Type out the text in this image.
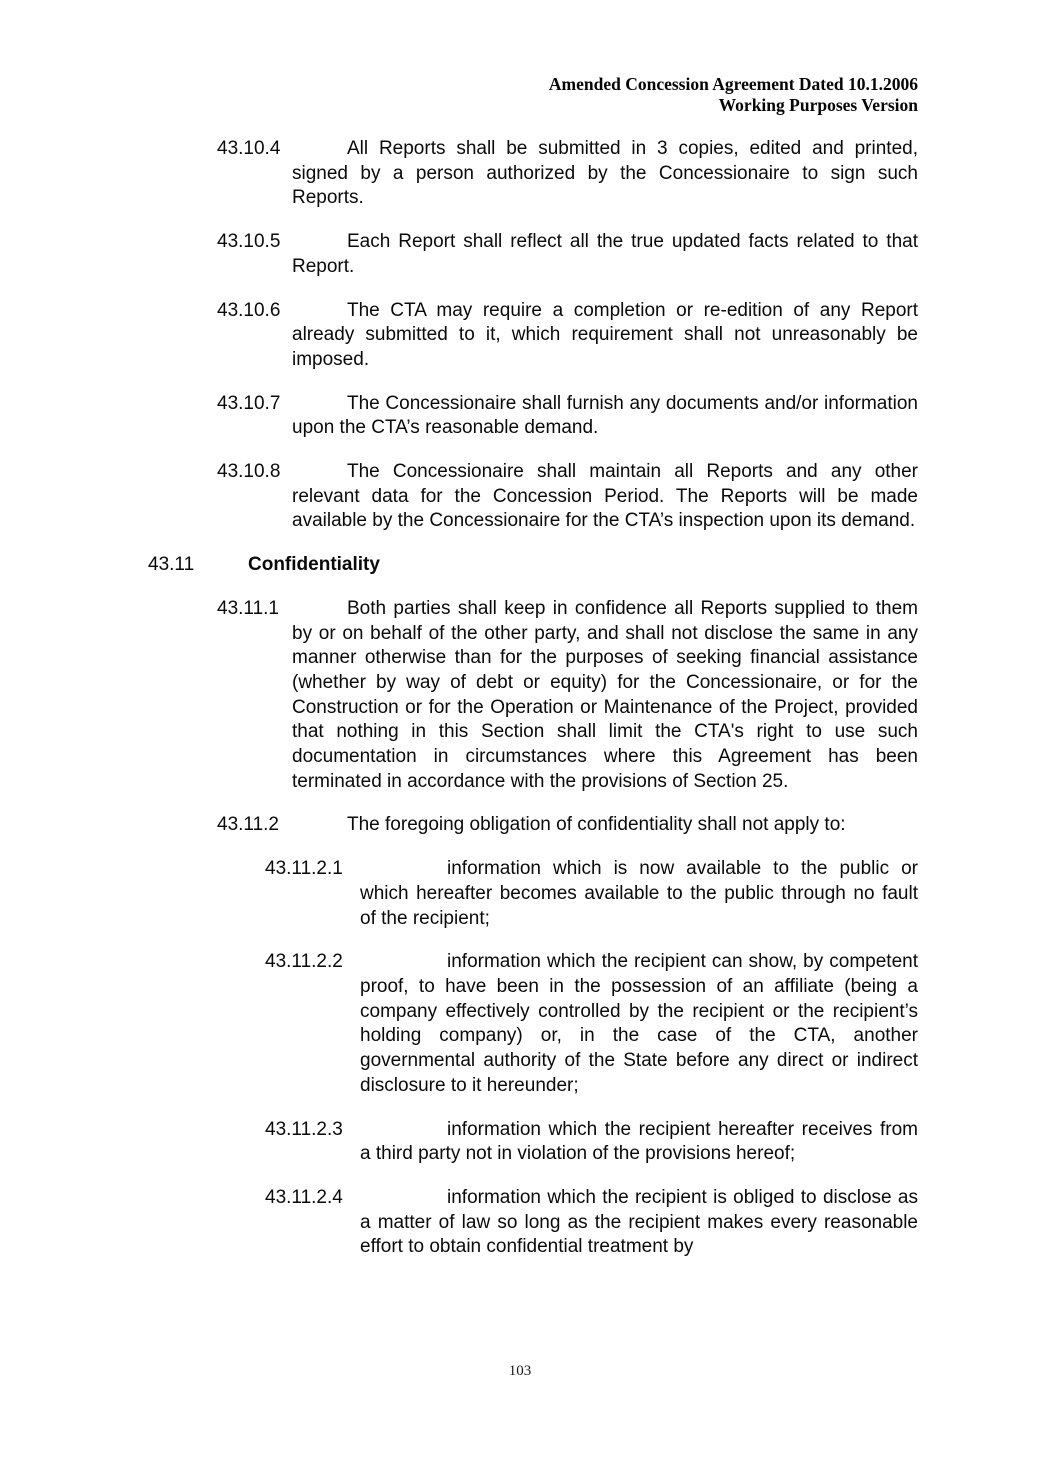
Amended Concession Agreement Dated 10.1.2006
Working Purposes Version
43.10.4	All Reports shall be submitted in 3 copies, edited and printed, signed by a person authorized by the Concessionaire to sign such Reports.
43.10.5	Each Report shall reflect all the true updated facts related to that Report.
43.10.6	The CTA may require a completion or re-edition of any Report already submitted to it, which requirement shall not unreasonably be imposed.
43.10.7	The Concessionaire shall furnish any documents and/or information upon the CTA’s reasonable demand.
43.10.8	The Concessionaire shall maintain all Reports and any other relevant data for the Concession Period. The Reports will be made available by the Concessionaire for the CTA’s inspection upon its demand.
43.11	Confidentiality
43.11.1	Both parties shall keep in confidence all Reports supplied to them by or on behalf of the other party, and shall not disclose the same in any manner otherwise than for the purposes of seeking financial assistance (whether by way of debt or equity) for the Concessionaire, or for the Construction or for the Operation or Maintenance of the Project, provided that nothing in this Section shall limit the CTA's right to use such documentation in circumstances where this Agreement has been terminated in accordance with the provisions of Section 25.
43.11.2	The foregoing obligation of confidentiality shall not apply to:
43.11.2.1	information which is now available to the public or which hereafter becomes available to the public through no fault of the recipient;
43.11.2.2	information which the recipient can show, by competent proof, to have been in the possession of an affiliate (being a company effectively controlled by the recipient or the recipient’s holding company) or, in the case of the CTA, another governmental authority of the State before any direct or indirect disclosure to it hereunder;
43.11.2.3	information which the recipient hereafter receives from a third party not in violation of the provisions hereof;
43.11.2.4	information which the recipient is obliged to disclose as a matter of law so long as the recipient makes every reasonable effort to obtain confidential treatment by
103
